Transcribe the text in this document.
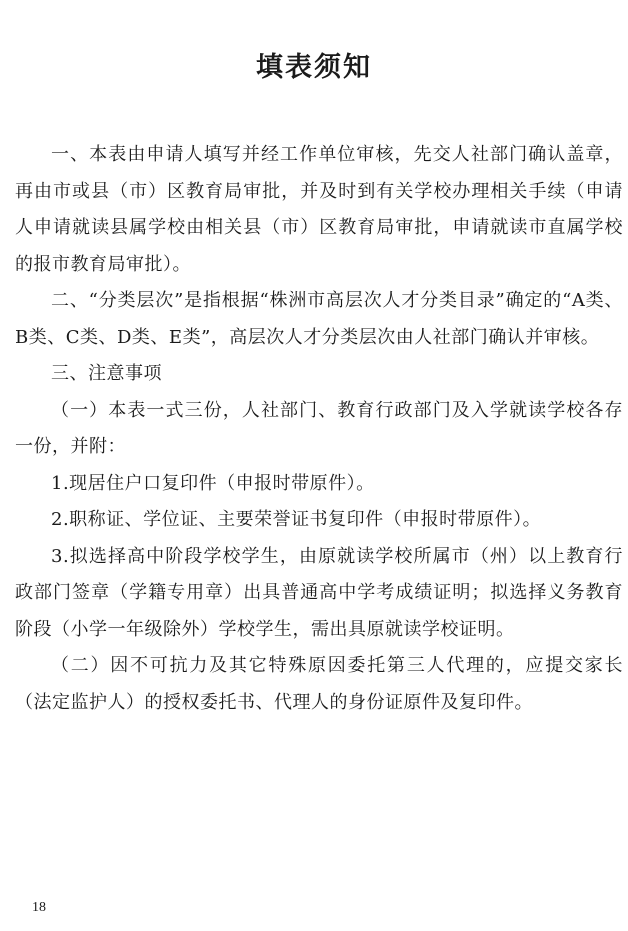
填表须知

一、本表由申请人填写并经工作单位审核，先交人社部门确认盖章，再由市或县（市）区教育局审批，并及时到有关学校办理相关手续（申请人申请就读县属学校由相关县（市）区教育局审批，申请就读市直属学校的报市教育局审批）。

二、“分类层次”是指根据“株洲市高层次人才分类目录”确定的“A类、B类、C类、D类、E类”，高层次人才分类层次由人社部门确认并审核。

三、注意事项

（一）本表一式三份，人社部门、教育行政部门及入学就读学校各存一份，并附：

1.现居住户口复印件（申报时带原件）。

2.职称证、学位证、主要荣誉证书复印件（申报时带原件）。

3.拟选择高中阶段学校学生，由原就读学校所属市（州）以上教育行政部门签章（学籍专用章）出具普通高中学考成绩证明；拟选择义务教育阶段（小学一年级除外）学校学生，需出具原就读学校证明。

（二）因不可抗力及其它特殊原因委托第三人代理的，应提交家长（法定监护人）的授权委托书、代理人的身份证原件及复印件。

18
